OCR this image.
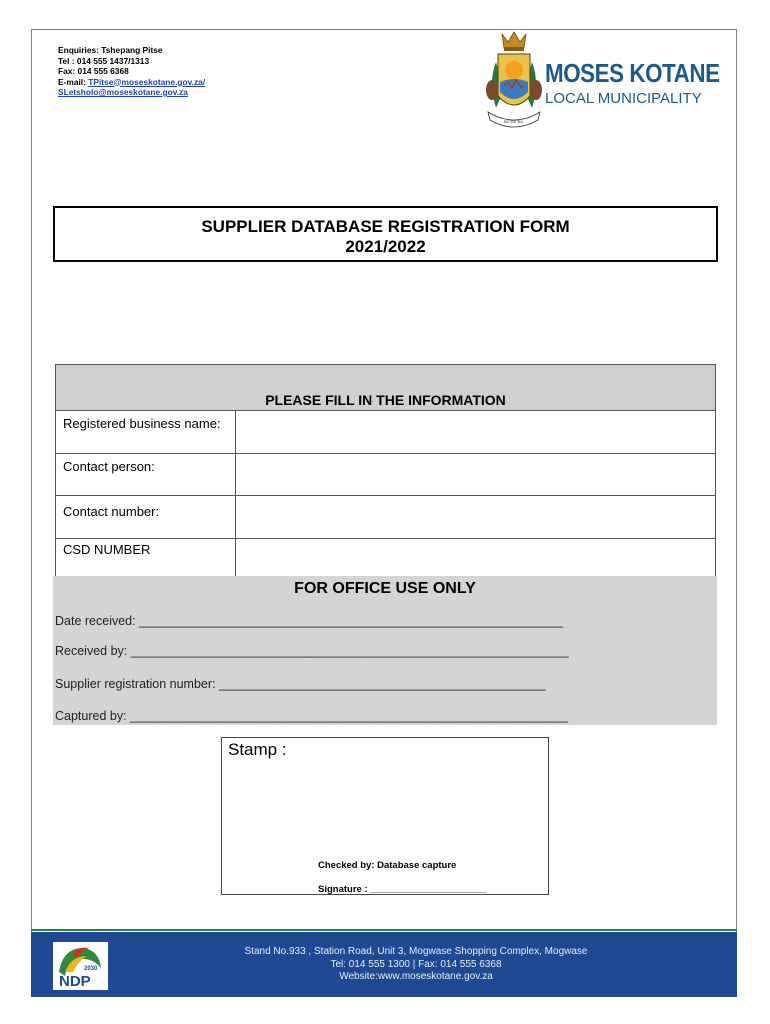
Enquiries: Tshepang Pitse
Tel : 014 555 1437/1313
Fax: 014 555 6368
E-mail: TPitse@moseskotane.gov.za/
SLetsholo@moseskotane.gov.za
BO RE BA
MOSES KOTANE
LOCAL MUNICIPALITY
SUPPLIER DATABASE REGISTRATION FORM
2021/2022
PLEASE FILL IN THE INFORMATION
Registered business name:
Contact person:
Contact number:
CSD NUMBER
FOR OFFICE USE ONLY
Date received: _____________________________________________________________
Received by: _______________________________________________________________
Supplier registration number: _______________________________________________
Captured by: _______________________________________________________________
Stamp :
Checked by: Database capture
Signature : ______________________
2030
NDP
Stand No.933 , Station Road, Unit 3, Mogwase Shopping Complex, Mogwase
Tel: 014 555 1300 | Fax: 014 555 6368
Website:www.moseskotane.gov.za
